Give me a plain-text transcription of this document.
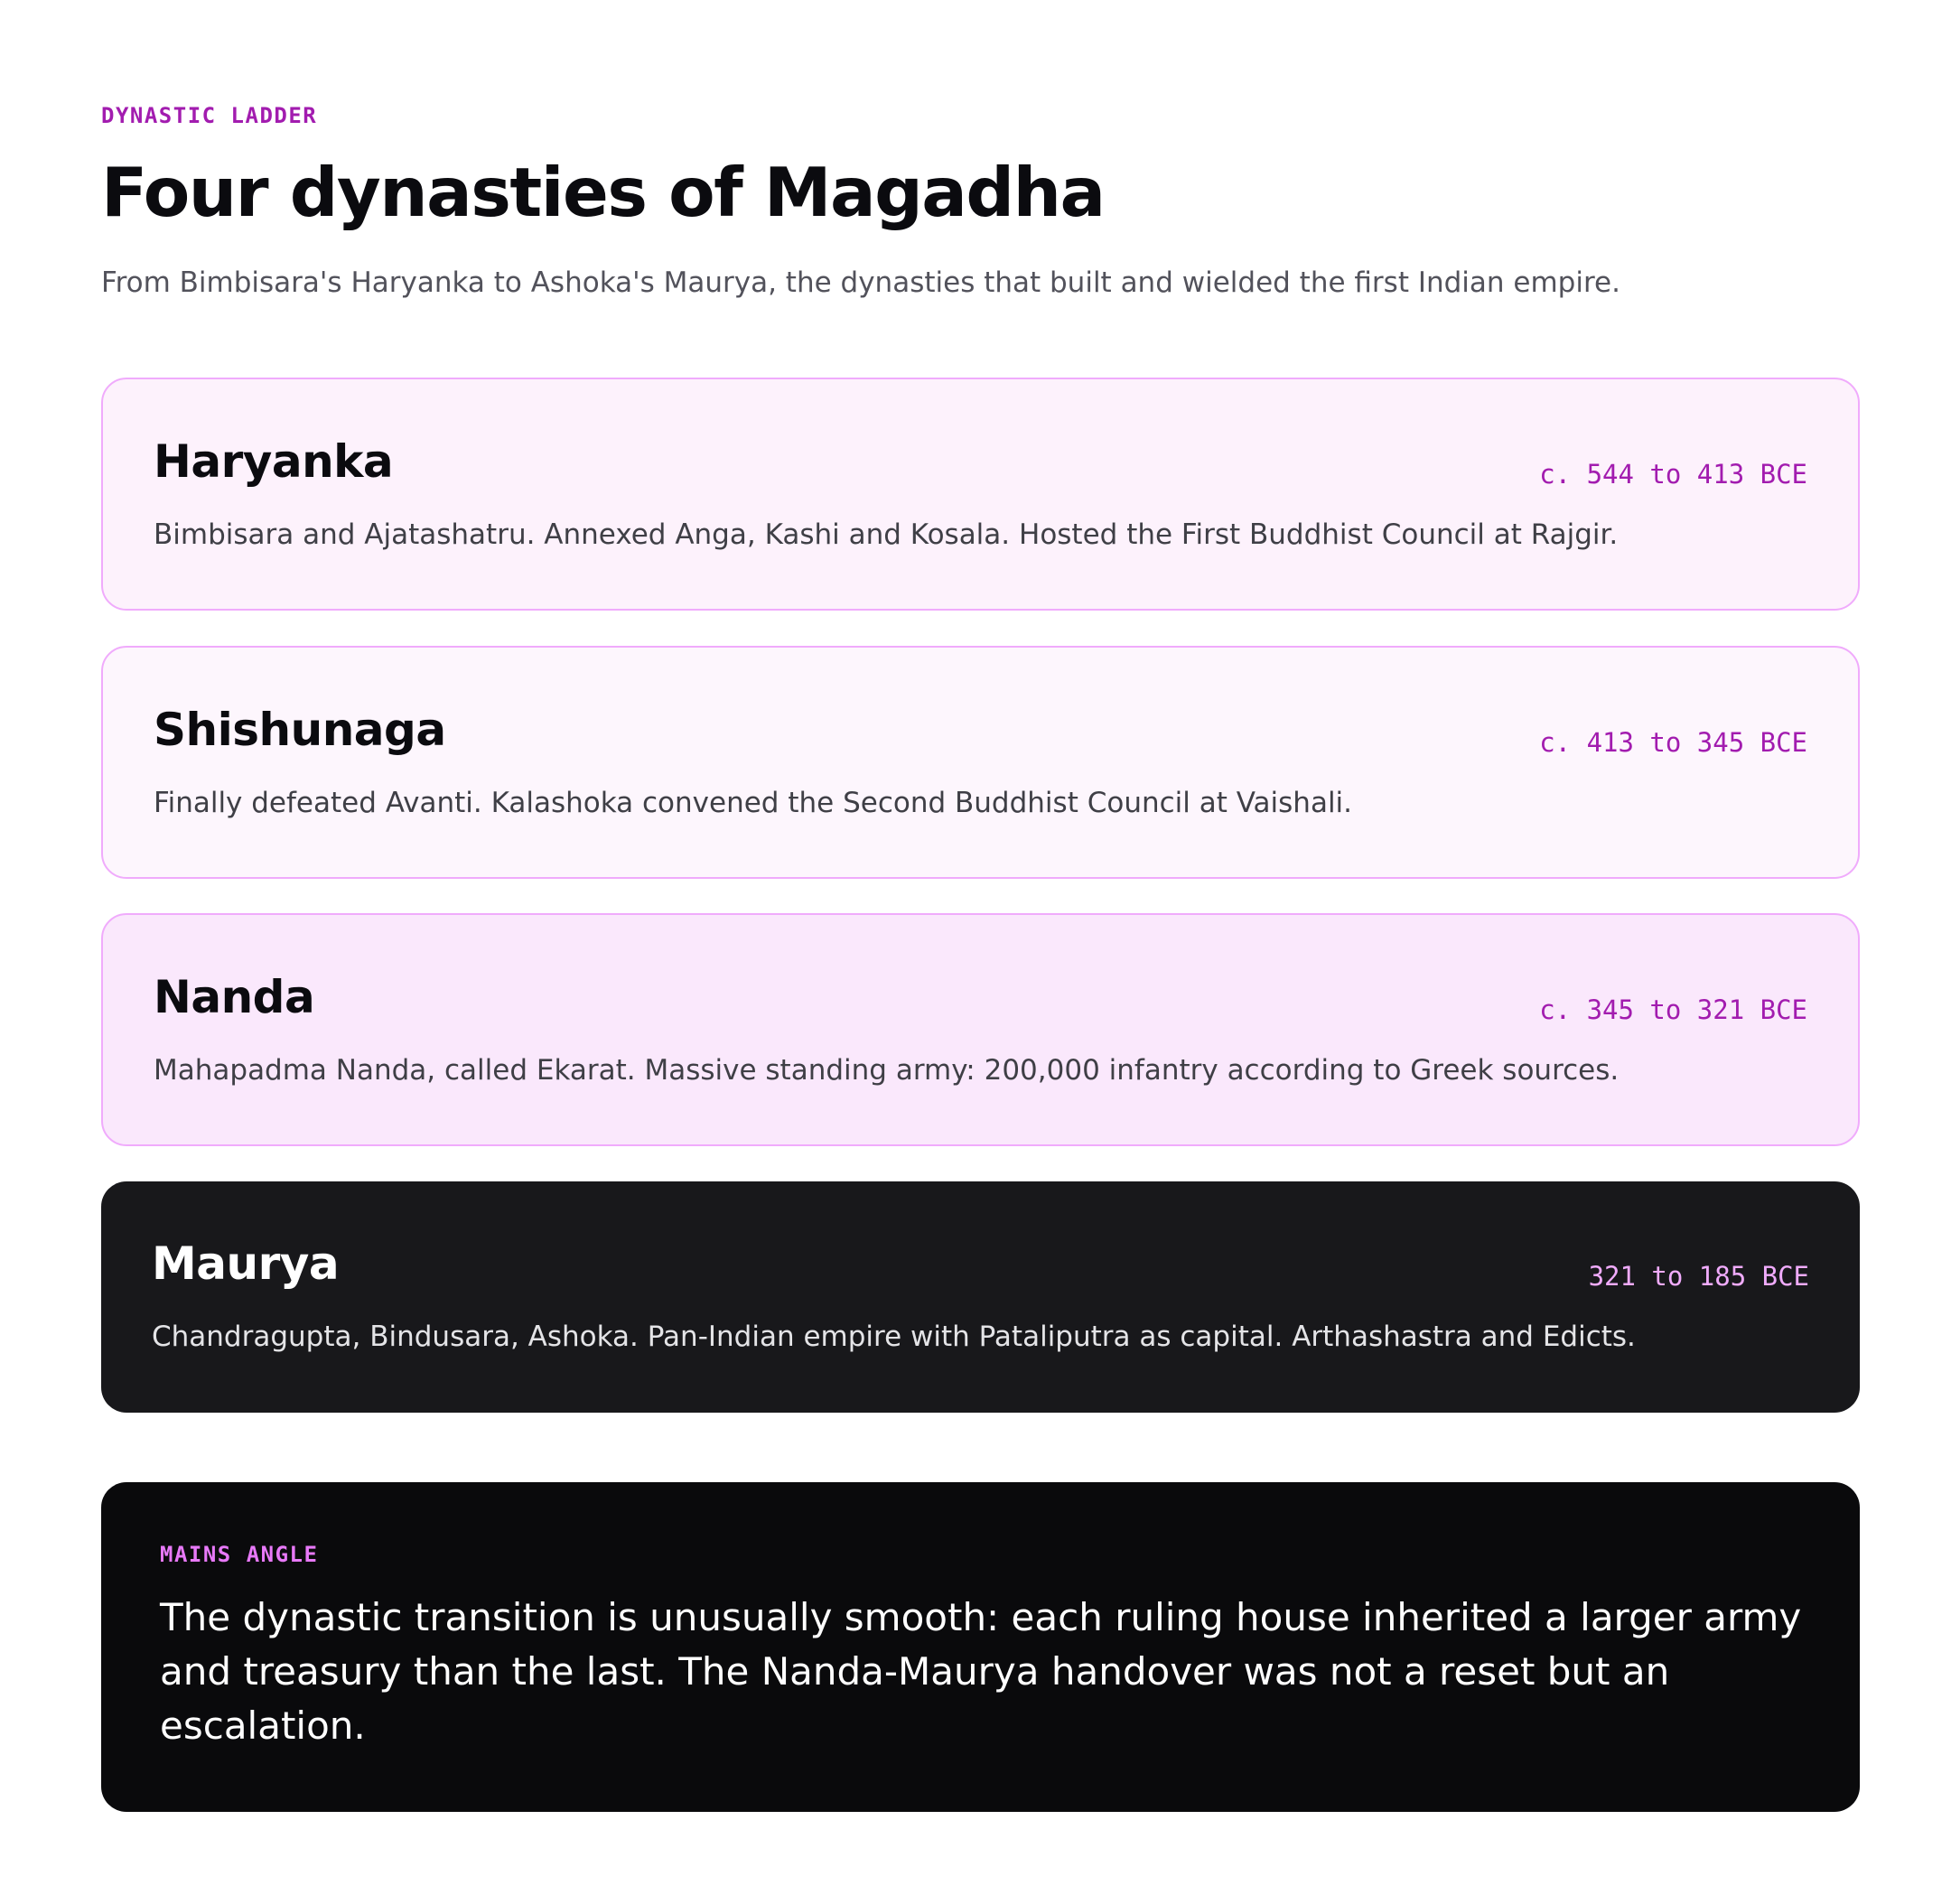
DYNASTIC LADDER
Four dynasties of Magadha

From Bimbisara's Haryanka to Ashoka's Maurya, the dynasties that built and wielded the first Indian empire.

Haryanka	c. 544 to 413 BCE

Bimbisara and Ajatashatru. Annexed Anga, Kashi and Kosala. Hosted the First Buddhist Council at Rajgir.

Shishunaga	c. 413 to 345 BCE

Finally defeated Avanti. Kalashoka convened the Second Buddhist Council at Vaishali.

Nanda	c. 345 to 321 BCE

Mahapadma Nanda, called Ekarat. Massive standing army: 200,000 infantry according to Greek sources.

Maurya	321 to 185 BCE

Chandragupta, Bindusara, Ashoka. Pan-Indian empire with Pataliputra as capital. Arthashastra and Edicts.

MAINS ANGLE

The dynastic transition is unusually smooth: each ruling house inherited a larger army and treasury than the last. The Nanda-Maurya handover was not a reset but an escalation.
